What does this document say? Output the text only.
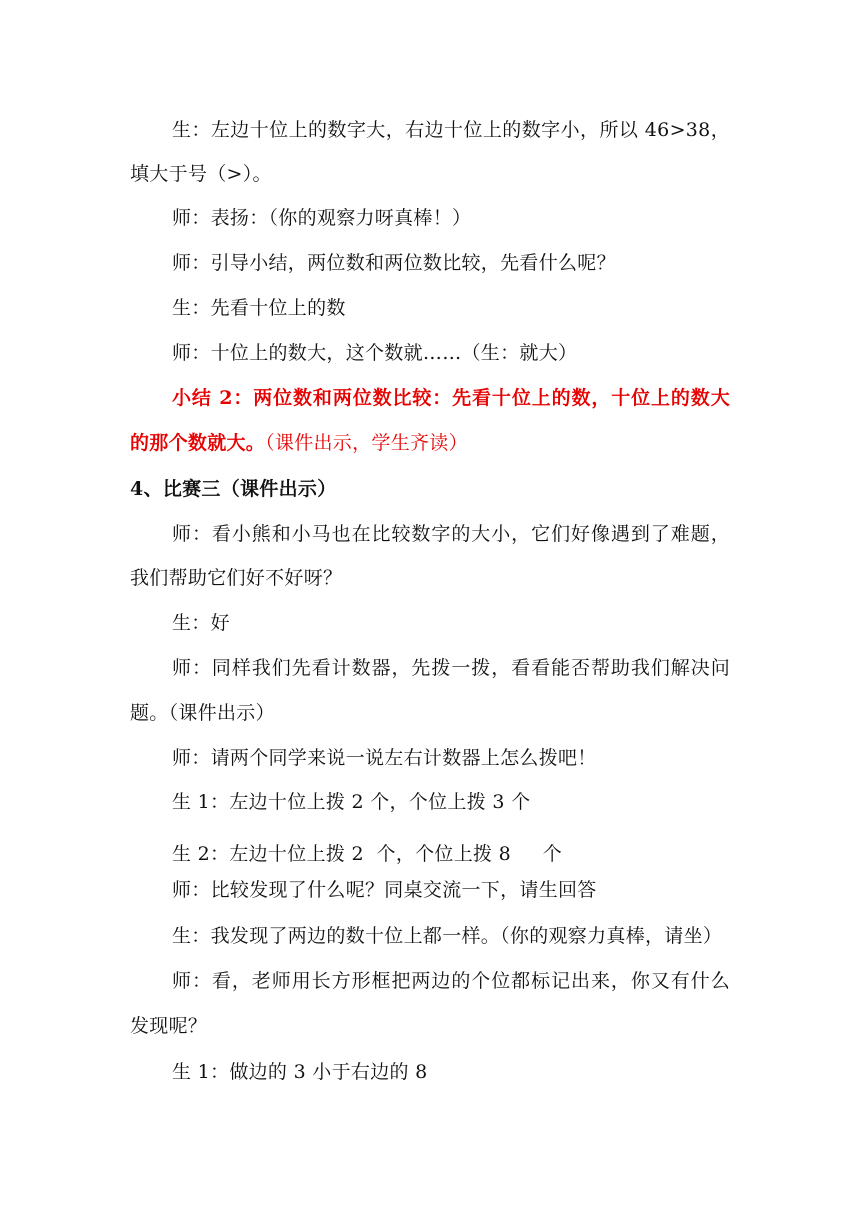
生：左边十位上的数字大，右边十位上的数字小，所以 46>38，
填大于号（>）。
师：表扬：（你的观察力呀真棒！）
师：引导小结，两位数和两位数比较，先看什么呢？
生：先看十位上的数
师：十位上的数大，这个数就……（生：就大）
小结 2：两位数和两位数比较：先看十位上的数，十位上的数大
的那个数就大。（课件出示，学生齐读）
4、比赛三（课件出示）
师：看小熊和小马也在比较数字的大小，它们好像遇到了难题，
我们帮助它们好不好呀？
生：好
师：同样我们先看计数器，先拨一拨，看看能否帮助我们解决问
题。（课件出示）
师：请两个同学来说一说左右计数器上怎么拨吧！
生 1：左边十位上拨 2 个，个位上拨 3 个
生 2：左边十位上拨 2  个，个位上拨 8     个
师：比较发现了什么呢？同桌交流一下，请生回答
生：我发现了两边的数十位上都一样。（你的观察力真棒，请坐）
师：看，老师用长方形框把两边的个位都标记出来，你又有什么
发现呢？
生 1：做边的 3 小于右边的 8
